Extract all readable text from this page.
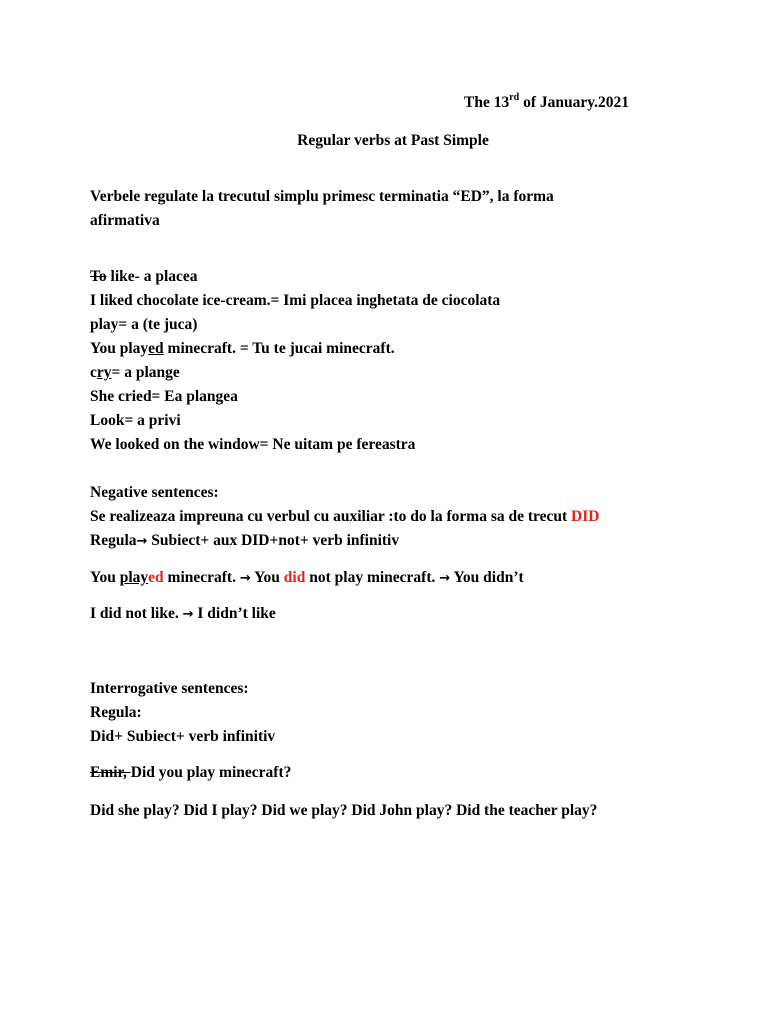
The 13rd of January.2021
Regular verbs at Past Simple
Verbele regulate la trecutul simplu primesc terminatia “ED”, la forma
afirmativa
To like- a placea
I liked chocolate ice-cream.= Imi placea inghetata de ciocolata
play= a (te juca)
You played minecraft. = Tu te jucai minecraft.
cry= a plange
She cried= Ea plangea
Look= a privi
We looked on the window= Ne uitam pe fereastra
Negative sentences:
Se realizeaza impreuna cu verbul cu auxiliar :to do la forma sa de trecut DID
Regula→ Subiect+ aux DID+not+ verb infinitiv
You played minecraft. → You did not play minecraft. → You didn’t
I did not like. → I didn’t like
Interrogative sentences:
Regula:
Did+ Subiect+ verb infinitiv
Emir, Did you play minecraft?
Did she play? Did I play? Did we play? Did John play? Did the teacher play?
